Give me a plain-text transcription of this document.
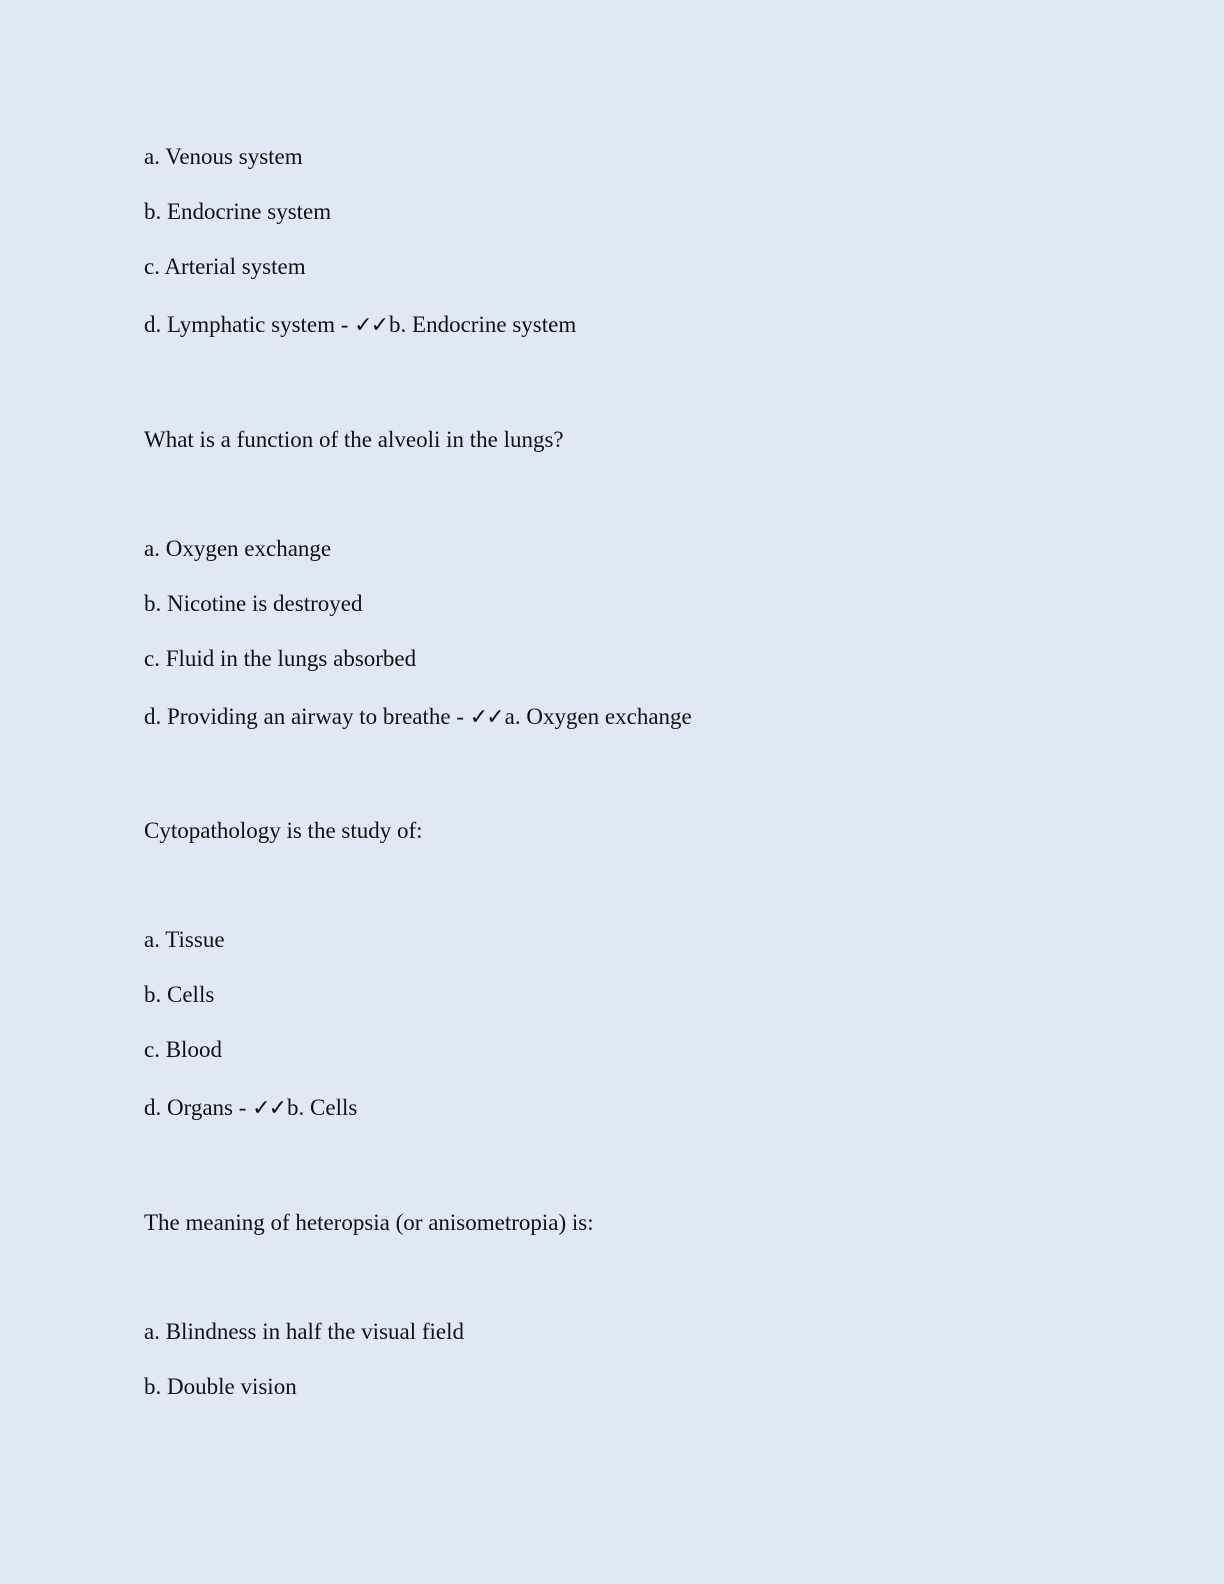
a. Venous system
b. Endocrine system
c. Arterial system
d. Lymphatic system - ✓✓b. Endocrine system
What is a function of the alveoli in the lungs?
a. Oxygen exchange
b. Nicotine is destroyed
c. Fluid in the lungs absorbed
d. Providing an airway to breathe - ✓✓a. Oxygen exchange
Cytopathology is the study of:
a. Tissue
b. Cells
c. Blood
d. Organs - ✓✓b. Cells
The meaning of heteropsia (or anisometropia) is:
a. Blindness in half the visual field
b. Double vision
